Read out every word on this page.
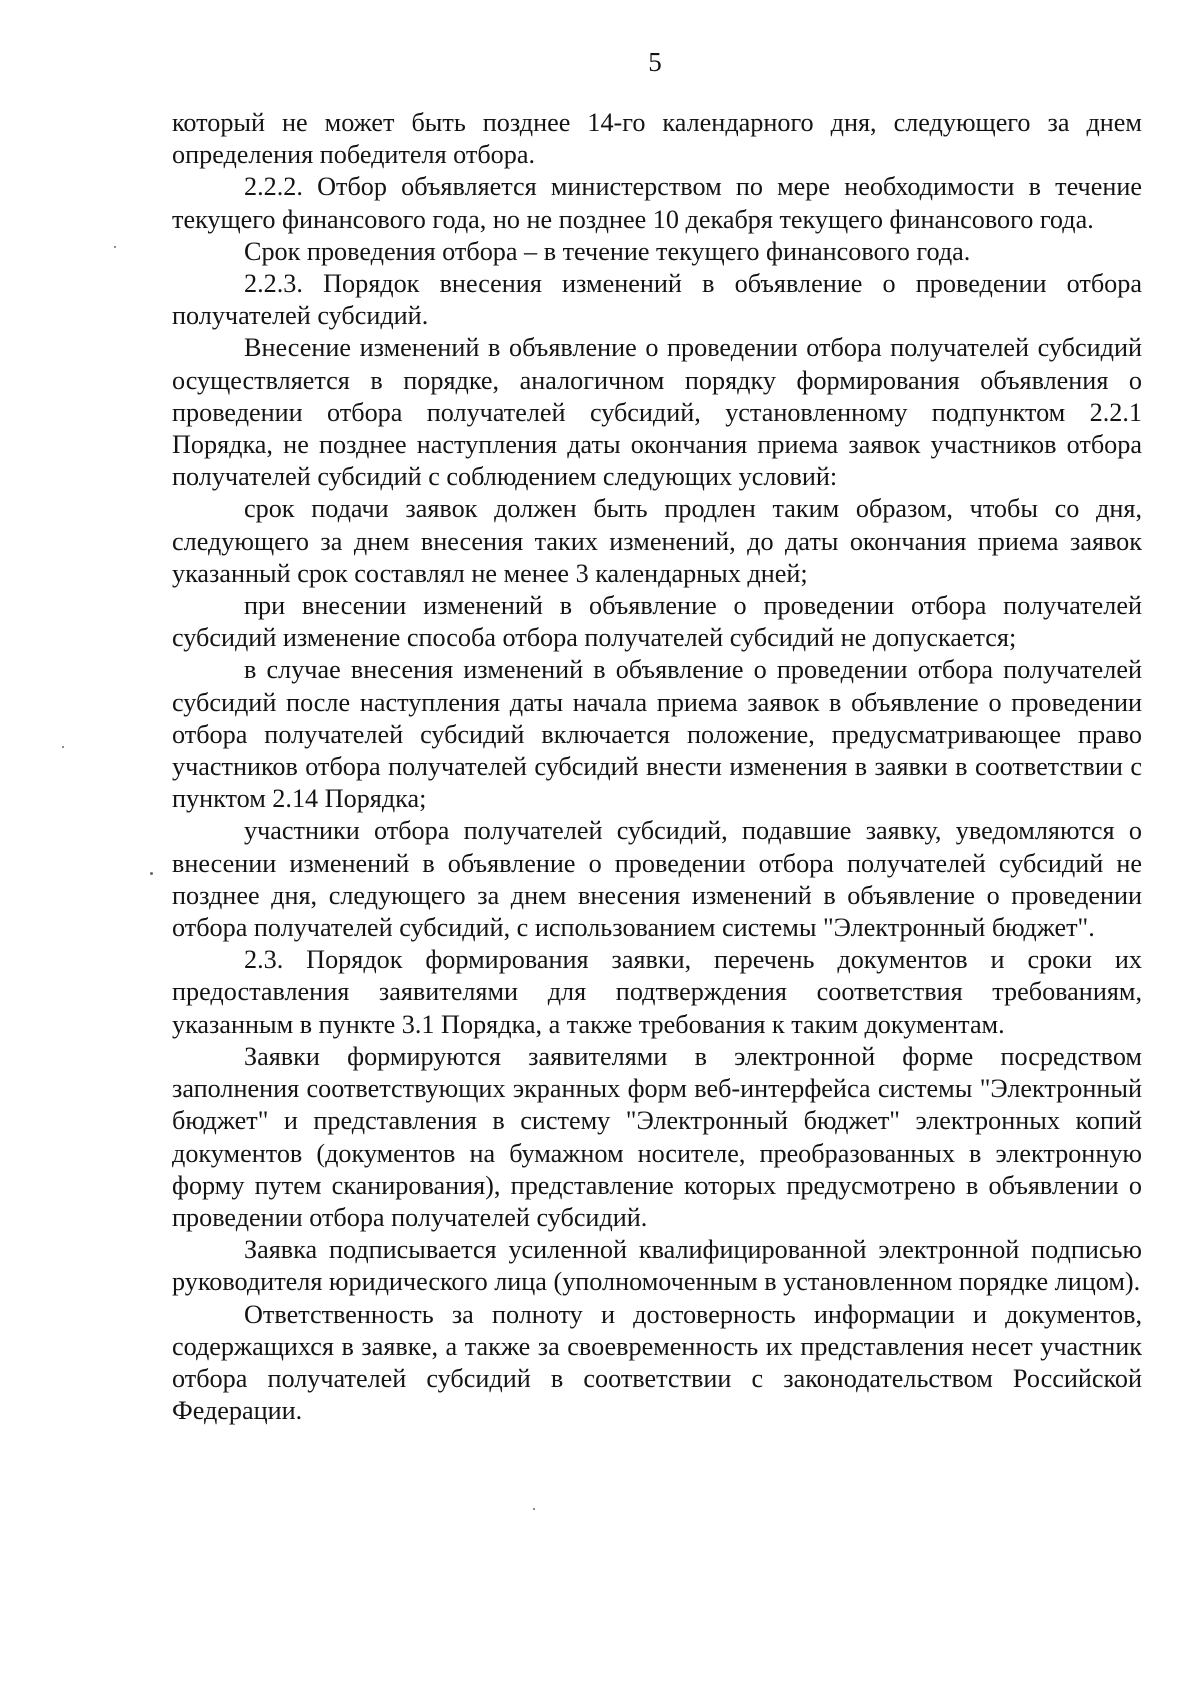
5

который не может быть позднее 14-го календарного дня, следующего за днем определения победителя отбора.

2.2.2. Отбор объявляется министерством по мере необходимости в течение текущего финансового года, но не позднее 10 декабря текущего финансового года.

Срок проведения отбора – в течение текущего финансового года.

2.2.3. Порядок внесения изменений в объявление о проведении отбора получателей субсидий.

Внесение изменений в объявление о проведении отбора получателей субсидий осуществляется в порядке, аналогичном порядку формирования объявления о проведении отбора получателей субсидий, установленному подпунктом 2.2.1 Порядка, не позднее наступления даты окончания приема заявок участников отбора получателей субсидий с соблюдением следующих условий:

срок подачи заявок должен быть продлен таким образом, чтобы со дня, следующего за днем внесения таких изменений, до даты окончания приема заявок указанный срок составлял не менее 3 календарных дней;

при внесении изменений в объявление о проведении отбора получателей субсидий изменение способа отбора получателей субсидий не допускается;

в случае внесения изменений в объявление о проведении отбора получателей субсидий после наступления даты начала приема заявок в объявление о проведении отбора получателей субсидий включается положение, предусматривающее право участников отбора получателей субсидий внести изменения в заявки в соответствии с пунктом 2.14 Порядка;

участники отбора получателей субсидий, подавшие заявку, уведомляются о внесении изменений в объявление о проведении отбора получателей субсидий не позднее дня, следующего за днем внесения изменений в объявление о проведении отбора получателей субсидий, с использованием системы "Электронный бюджет".

2.3. Порядок формирования заявки, перечень документов и сроки их предоставления заявителями для подтверждения соответствия требованиям, указанным в пункте 3.1 Порядка, а также требования к таким документам.

Заявки формируются заявителями в электронной форме посредством заполнения соответствующих экранных форм веб-интерфейса системы "Электронный бюджет" и представления в систему "Электронный бюджет" электронных копий документов (документов на бумажном носителе, преобразованных в электронную форму путем сканирования), представление которых предусмотрено в объявлении о проведении отбора получателей субсидий.

Заявка подписывается усиленной квалифицированной электронной подписью руководителя юридического лица (уполномоченным в установленном порядке лицом).

Ответственность за полноту и достоверность информации и документов, содержащихся в заявке, а также за своевременность их представления несет участник отбора получателей субсидий в соответствии с законодательством Российской Федерации.
